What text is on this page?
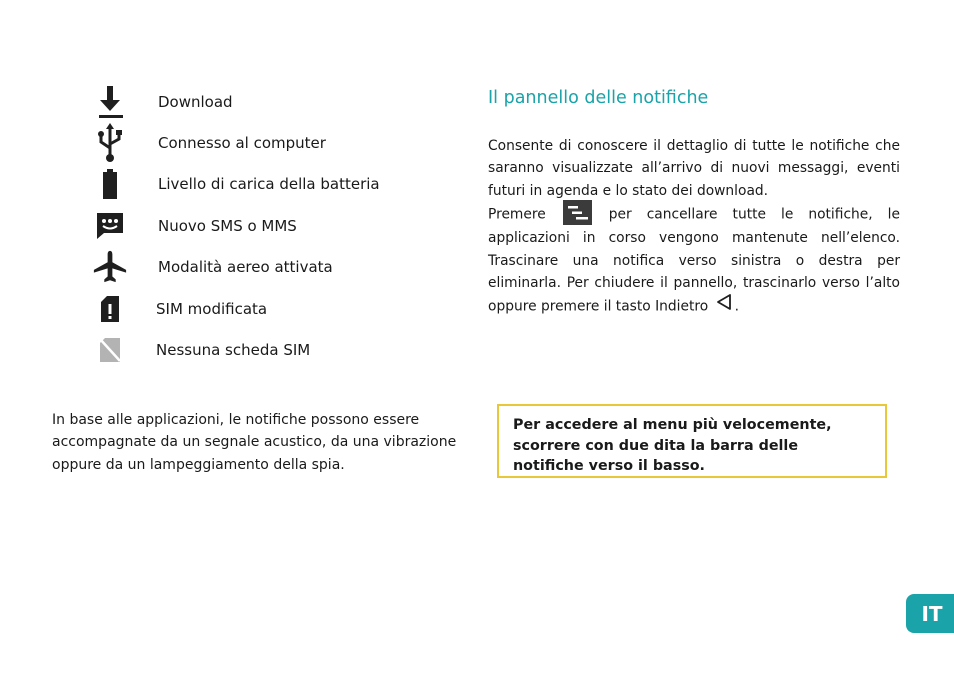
Download
Connesso al computer
Livello di carica della batteria
Nuovo SMS o MMS
Modalità aereo attivata
SIM modificata
Nessuna scheda SIM
Il pannello delle notifiche
Consente di conoscere il dettaglio di tutte le notifiche che saranno visualizzate all’arrivo di nuovi messaggi, eventi futuri in agenda e lo stato dei download.
Premere	per cancellare tutte le notifiche, le applicazioni in corso vengono mantenute nell’elenco. Trascinare una notifica verso sinistra o destra per eliminarla. Per chiudere il pannello, trascinarlo verso l’alto oppure premere il tasto Indietro .
In base alle applicazioni, le notifiche possono essere accompagnate da un segnale acustico, da una vibrazione oppure da un lampeggiamento della spia.
Per accedere al menu più velocemente, scorrere con due dita la barra delle notifiche verso il basso.
IT
